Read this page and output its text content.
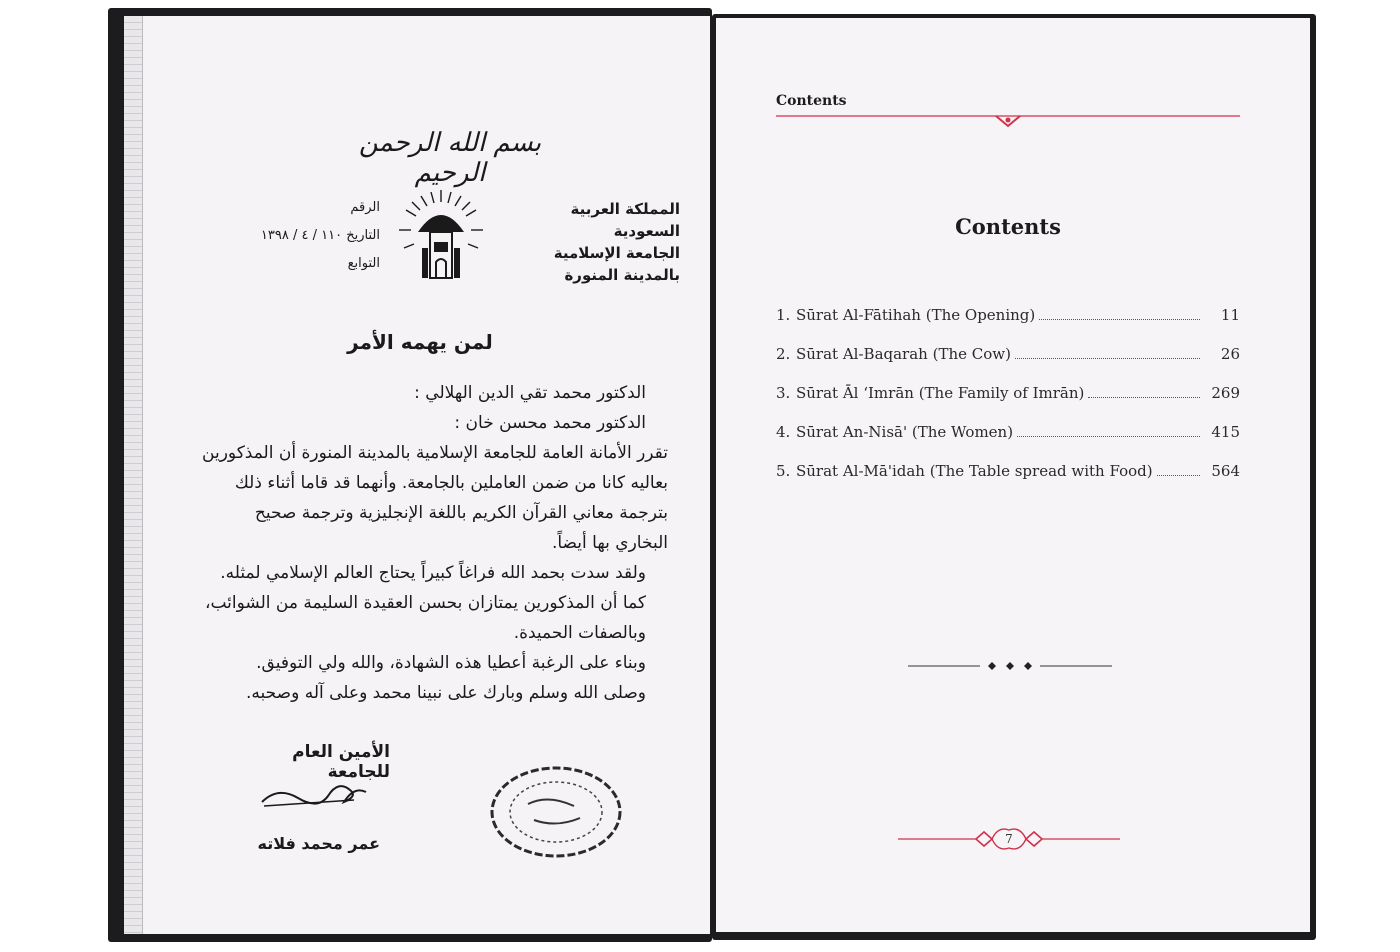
بسم الله الرحمن الرحيم
المملكة العربية السعودية
الجامعة الإسلامية
بالمدينة المنورة
الرقم
التاريخ ١١٠ / ٤ / ١٣٩٨
التوابع
لمن يهمه الأمر

الدكتور محمد تقي الدين الهلالي :

الدكتور محمد محسن خان :

تقرر الأمانة العامة للجامعة الإسلامية بالمدينة المنورة أن المذكورين بعاليه كانا من ضمن العاملين بالجامعة. وأنهما قد قاما أثناء ذلك بترجمة معاني القرآن الكريم باللغة الإنجليزية وترجمة صحيح البخاري بها أيضاً.

ولقد سدت بحمد الله فراغاً كبيراً يحتاج العالم الإسلامي لمثله. كما أن المذكورين يمتازان بحسن العقيدة السليمة من الشوائب، وبالصفات الحميدة.

وبناء على الرغبة أعطيا هذه الشهادة، والله ولي التوفيق.

وصلى الله وسلم وبارك على نبينا محمد وعلى آله وصحبه.

الأمين العام للجامعة
عمر محمد فلاته
Contents
Contents
1. Sūrat Al-Fātihah (The Opening)	11
2. Sūrat Al-Baqarah (The Cow)	26
3. Sūrat Āl ʻImrān (The Family of Imrān)	269
4. Sūrat An-Nisā' (The Women)	415
5. Sūrat Al-Mā'idah (The Table spread with Food)	564
7
